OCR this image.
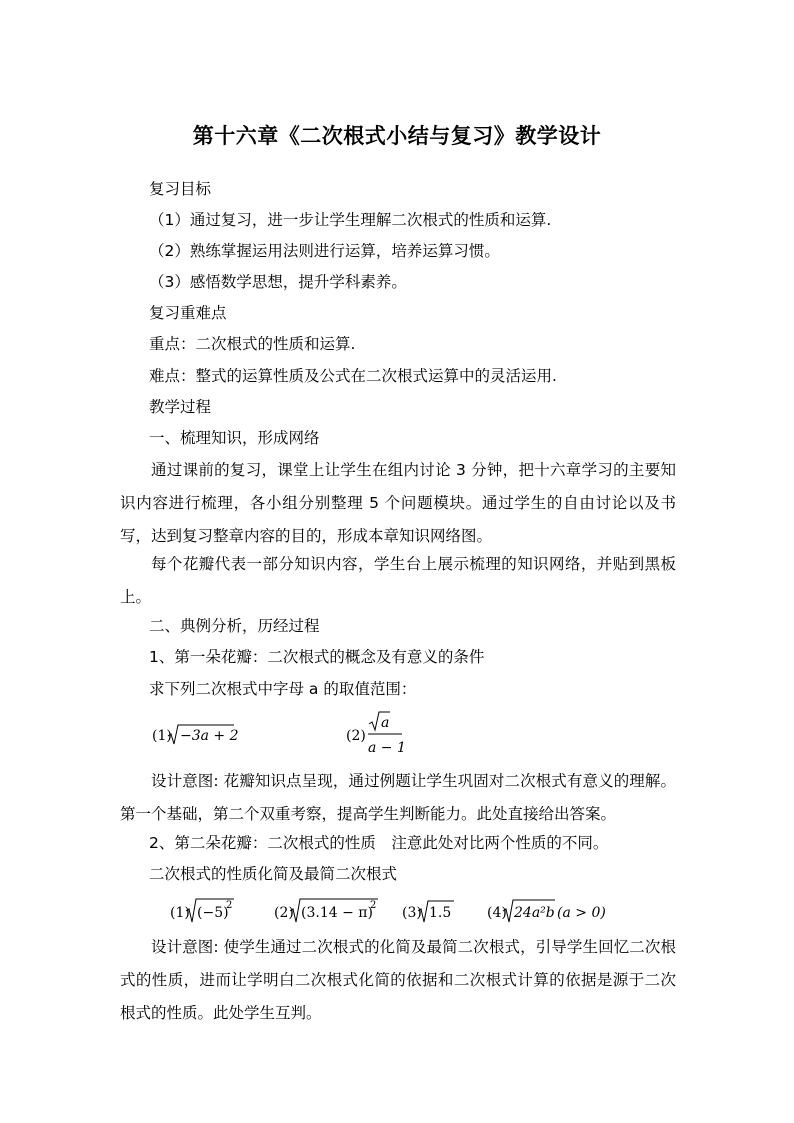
第十六章《二次根式小结与复习》教学设计
复习目标
（1）通过复习，进一步让学生理解二次根式的性质和运算.
（2）熟练掌握运用法则进行运算，培养运算习惯。
（3）感悟数学思想，提升学科素养。
复习重难点
重点：二次根式的性质和运算.
难点：整式的运算性质及公式在二次根式运算中的灵活运用.
教学过程
一、梳理知识，形成网络
通过课前的复习，课堂上让学生在组内讨论 3 分钟，把十六章学习的主要知识内容进行梳理，各小组分别整理 5 个问题模块。通过学生的自由讨论以及书写，达到复习整章内容的目的，形成本章知识网络图。
每个花瓣代表一部分知识内容，学生台上展示梳理的知识网络，并贴到黑板上。
二、典例分析，历经过程
1、第一朵花瓣：二次根式的概念及有意义的条件
求下列二次根式中字母 a 的取值范围：
(1) −3a + 2	(2)
a
a − 1
设计意图: 花瓣知识点呈现，通过例题让学生巩固对二次根式有意义的理解。第一个基础，第二个双重考察，提高学生判断能力。此处直接给出答案。
2、第二朵花瓣：二次根式的性质　注意此处对比两个性质的不同。
二次根式的性质化简及最简二次根式
(1) (−5)
2	(2) (3.14 − π)
2 (3) 1.5	(4) 24a²b (a > 0)
设计意图: 使学生通过二次根式的化简及最简二次根式，引导学生回忆二次根式的性质，进而让学明白二次根式化简的依据和二次根式计算的依据是源于二次根式的性质。此处学生互判。
